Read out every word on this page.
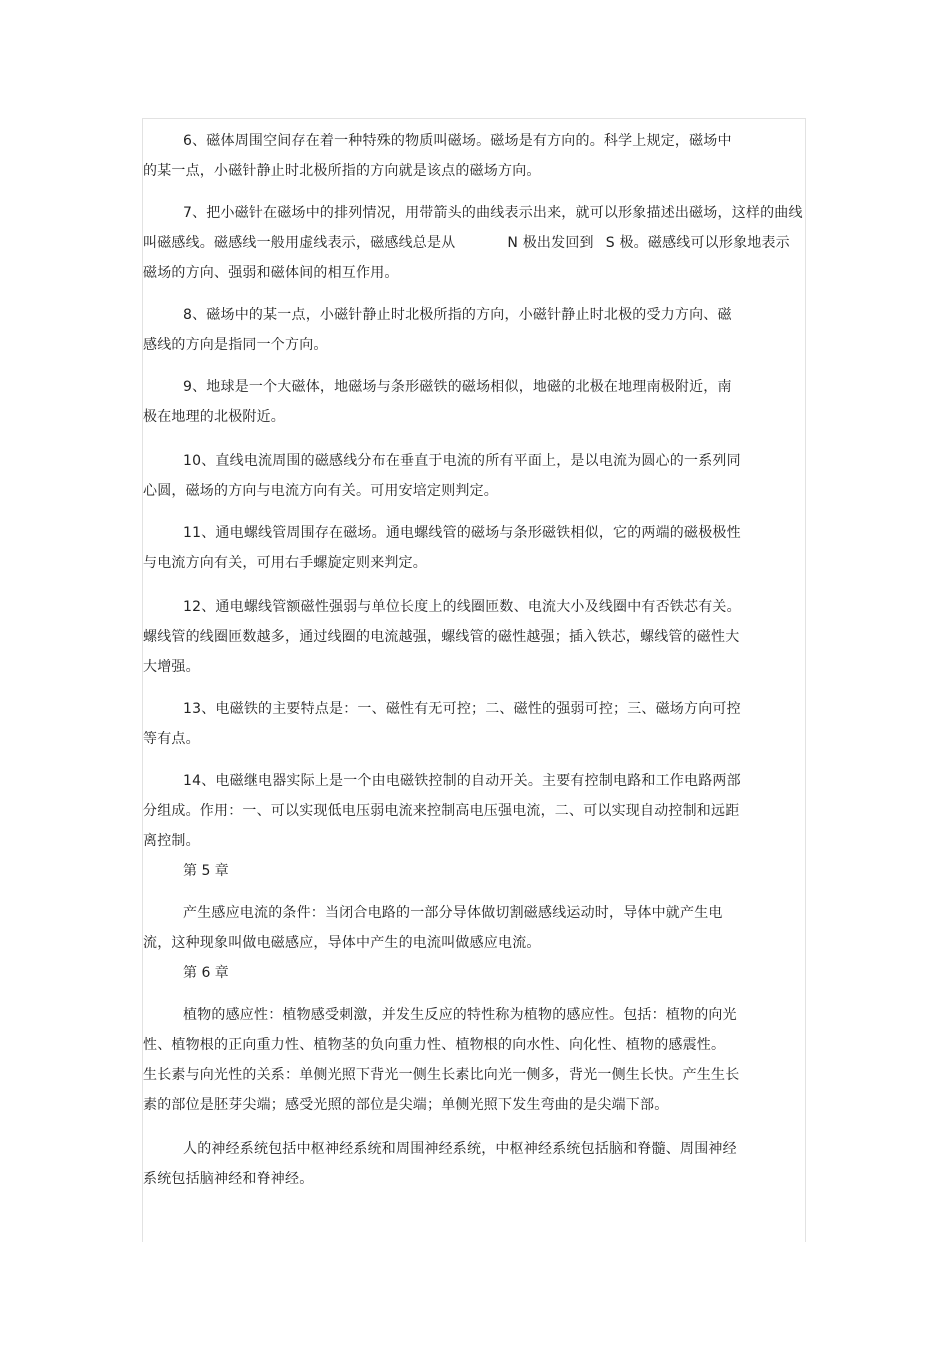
6、磁体周围空间存在着一种特殊的物质叫磁场。磁场是有方向的。科学上规定，磁场中的某一点，小磁针静止时北极所指的方向就是该点的磁场方向。

7、把小磁针在磁场中的排列情况，用带箭头的曲线表示出来，就可以形象描述出磁场，这样的曲线叫磁感线。磁感线一般用虚线表示，磁感线总是从	N 极出发回到 S 极。磁感线可以形象地表示磁场的方向、强弱和磁体间的相互作用。

8、磁场中的某一点，小磁针静止时北极所指的方向，小磁针静止时北极的受力方向、磁感线的方向是指同一个方向。

9、地球是一个大磁体，地磁场与条形磁铁的磁场相似，地磁的北极在地理南极附近，南极在地理的北极附近。

10、直线电流周围的磁感线分布在垂直于电流的所有平面上，是以电流为圆心的一系列同心圆，磁场的方向与电流方向有关。可用安培定则判定。

11、通电螺线管周围存在磁场。通电螺线管的磁场与条形磁铁相似，它的两端的磁极极性与电流方向有关，可用右手螺旋定则来判定。

12、通电螺线管额磁性强弱与单位长度上的线圈匝数、电流大小及线圈中有否铁芯有关。螺线管的线圈匝数越多，通过线圈的电流越强，螺线管的磁性越强；插入铁芯，螺线管的磁性大大增强。

13、电磁铁的主要特点是：一、磁性有无可控；二、磁性的强弱可控；三、磁场方向可控等有点。

14、电磁继电器实际上是一个由电磁铁控制的自动开关。主要有控制电路和工作电路两部分组成。作用：一、可以实现低电压弱电流来控制高电压强电流，二、可以实现自动控制和远距离控制。

第 5 章

产生感应电流的条件：当闭合电路的一部分导体做切割磁感线运动时，导体中就产生电流，这种现象叫做电磁感应，导体中产生的电流叫做感应电流。

第 6 章

植物的感应性：植物感受刺激，并发生反应的特性称为植物的感应性。包括：植物的向光性、植物根的正向重力性、植物茎的负向重力性、植物根的向水性、向化性、植物的感震性。生长素与向光性的关系：单侧光照下背光一侧生长素比向光一侧多，背光一侧生长快。产生生长素的部位是胚芽尖端；感受光照的部位是尖端；单侧光照下发生弯曲的是尖端下部。

人的神经系统包括中枢神经系统和周围神经系统，中枢神经系统包括脑和脊髓、周围神经系统包括脑神经和脊神经。
